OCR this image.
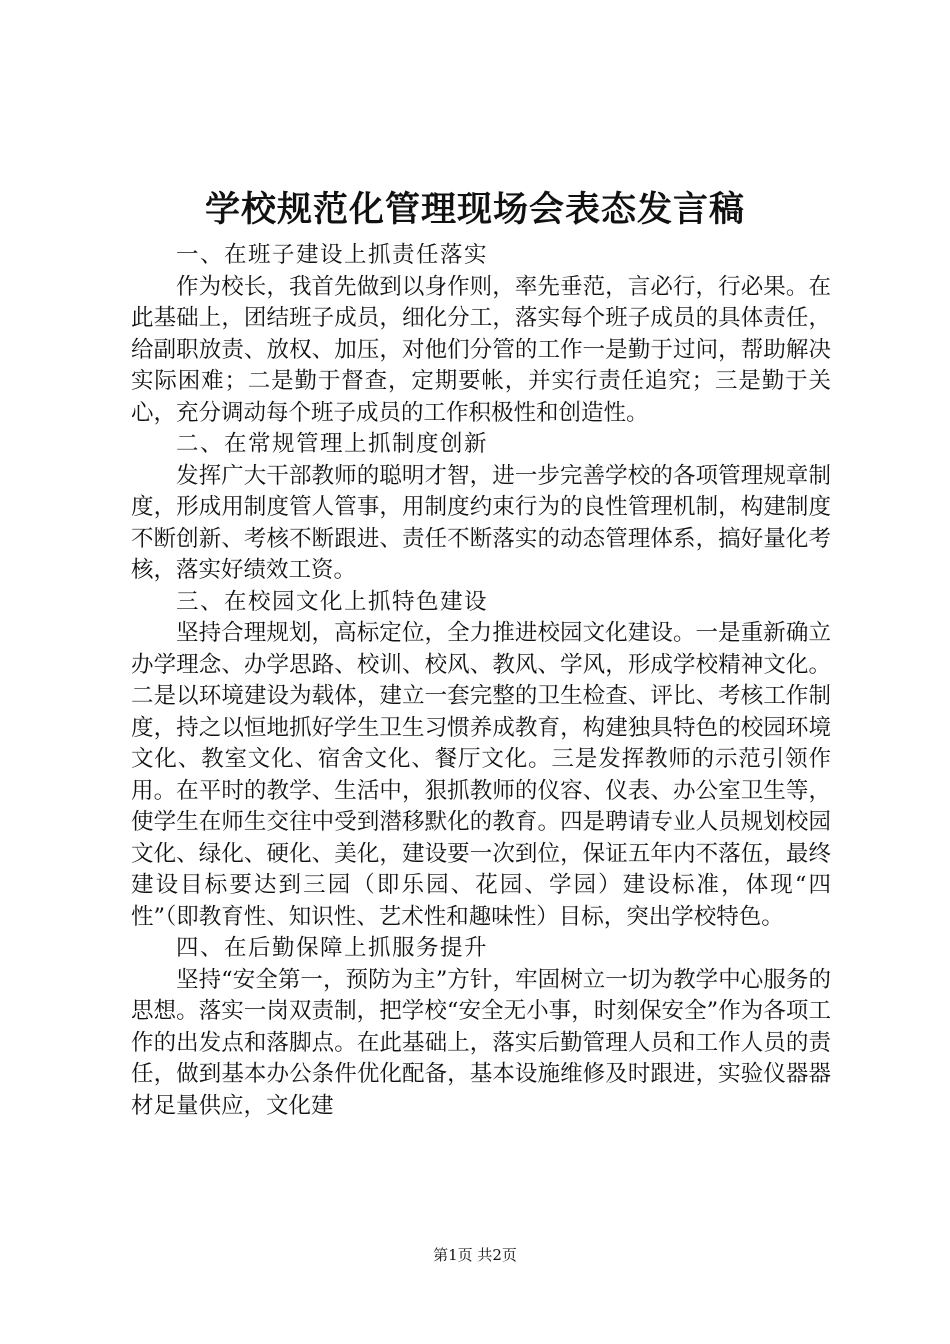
学校规范化管理现场会表态发言稿

一、在班子建设上抓责任落实

作为校长，我首先做到以身作则，率先垂范，言必行，行必果。在此基础上，团结班子成员，细化分工，落实每个班子成员的具体责任，给副职放责、放权、加压，对他们分管的工作一是勤于过问，帮助解决实际困难；二是勤于督查，定期要帐，并实行责任追究；三是勤于关心，充分调动每个班子成员的工作积极性和创造性。

二、在常规管理上抓制度创新

发挥广大干部教师的聪明才智，进一步完善学校的各项管理规章制度，形成用制度管人管事，用制度约束行为的良性管理机制，构建制度不断创新、考核不断跟进、责任不断落实的动态管理体系，搞好量化考核，落实好绩效工资。

三、在校园文化上抓特色建设

坚持合理规划，高标定位，全力推进校园文化建设。一是重新确立办学理念、办学思路、校训、校风、教风、学风，形成学校精神文化。二是以环境建设为载体，建立一套完整的卫生检查、评比、考核工作制度，持之以恒地抓好学生卫生习惯养成教育，构建独具特色的校园环境文化、教室文化、宿舍文化、餐厅文化。三是发挥教师的示范引领作用。在平时的教学、生活中，狠抓教师的仪容、仪表、办公室卫生等，使学生在师生交往中受到潜移默化的教育。四是聘请专业人员规划校园文化、绿化、硬化、美化，建设要一次到位，保证五年内不落伍，最终建设目标要达到三园（即乐园、花园、学园）建设标准，体现“四性”（即教育性、知识性、艺术性和趣味性）目标，突出学校特色。

四、在后勤保障上抓服务提升

坚持“安全第一，预防为主”方针，牢固树立一切为教学中心服务的思想。落实一岗双责制，把学校“安全无小事，时刻保安全”作为各项工作的出发点和落脚点。在此基础上，落实后勤管理人员和工作人员的责任，做到基本办公条件优化配备，基本设施维修及时跟进，实验仪器器材足量供应，文化建

第1页 共2页
